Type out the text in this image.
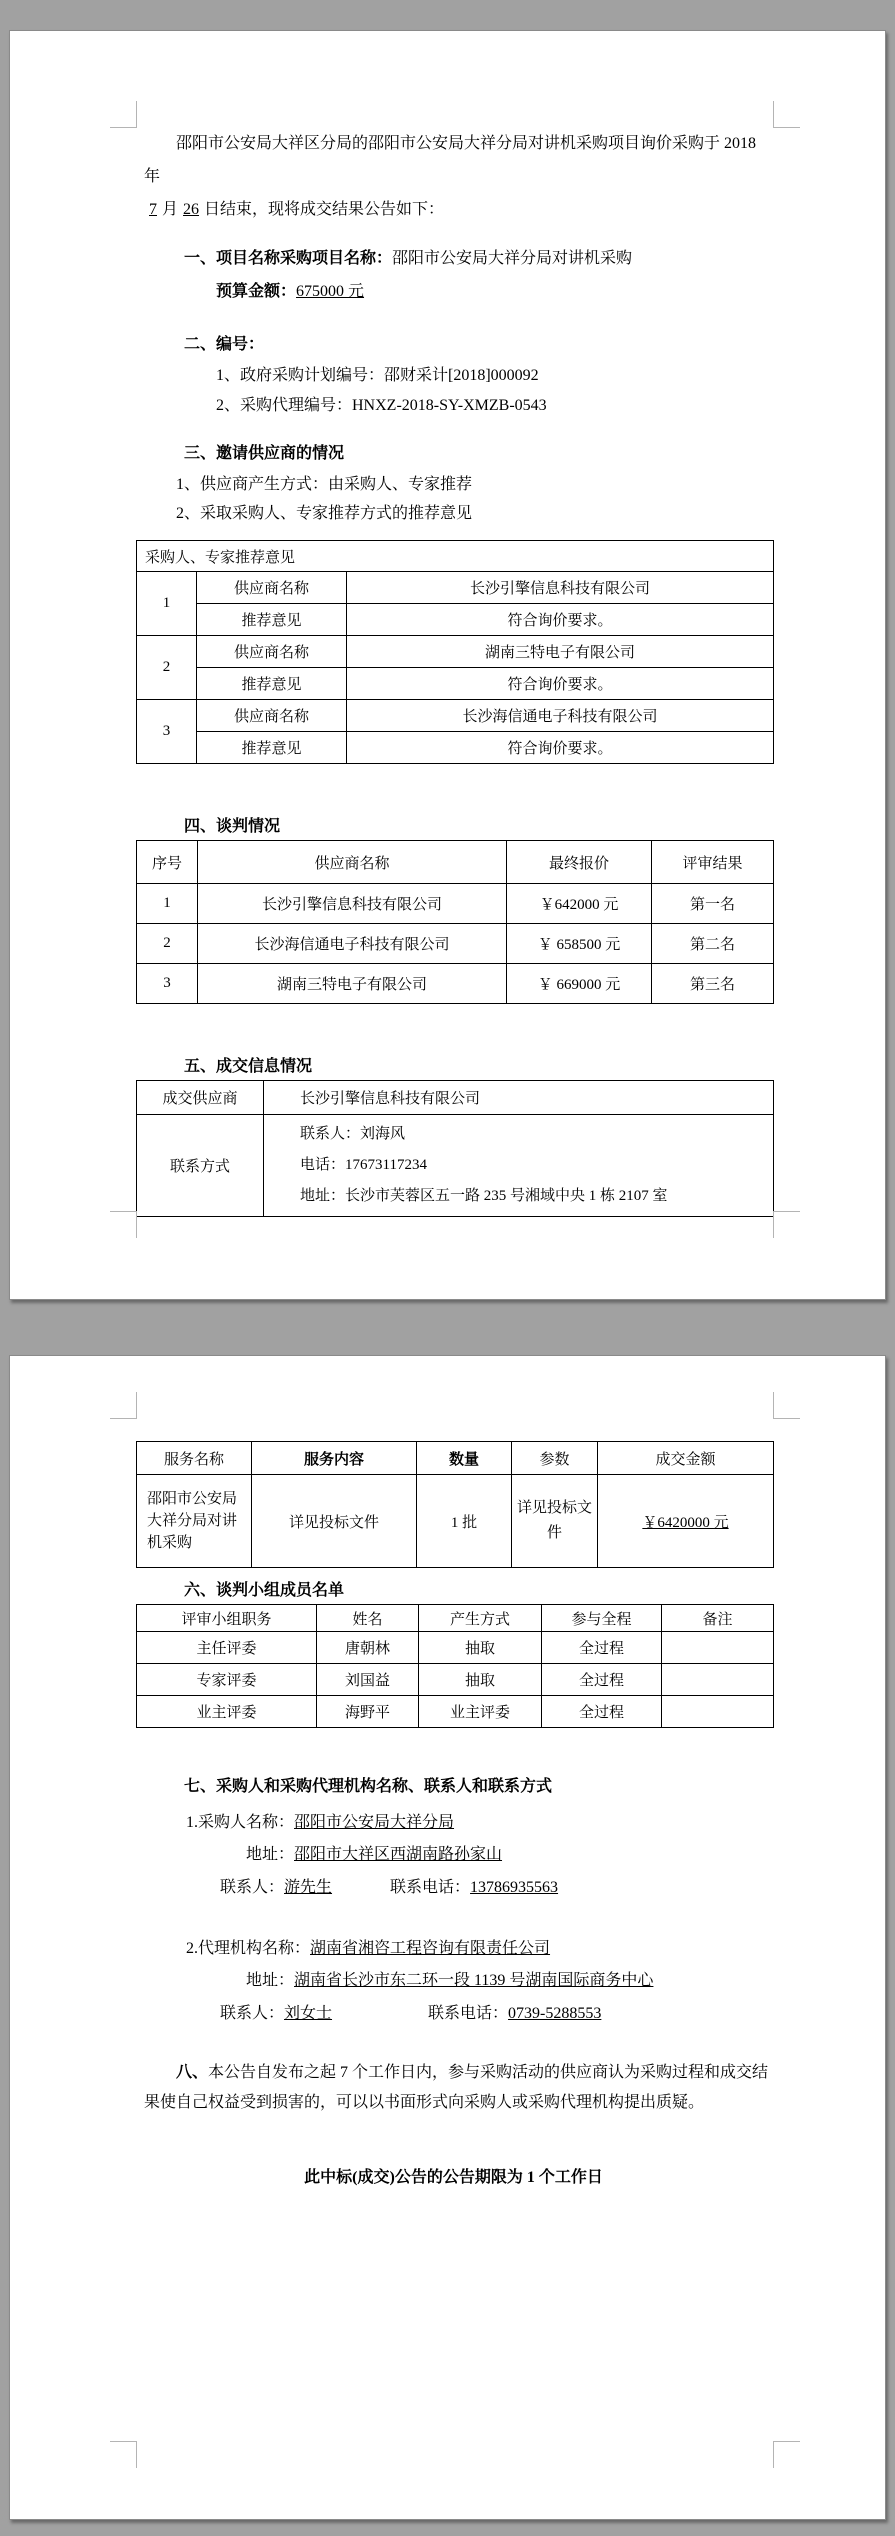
邵阳市公安局大祥区分局的邵阳市公安局大祥分局对讲机采购项目询价采购于 2018 年
7 月 26 日结束，现将成交结果公告如下：
一、项目名称采购项目名称：邵阳市公安局大祥分局对讲机采购
预算金额：675000 元
二、编号：
1、政府采购计划编号：邵财采计[2018]000092
2、采购代理编号：HNXZ-2018-SY-XMZB-0543
三、邀请供应商的情况
1、供应商产生方式：由采购人、专家推荐
2、采取采购人、专家推荐方式的推荐意见
采购人、专家推荐意见		
1	供应商名称	长沙引擎信息科技有限公司
	推荐意见	符合询价要求。
2	供应商名称	湖南三特电子有限公司
	推荐意见	符合询价要求。
3	供应商名称	长沙海信通电子科技有限公司
	推荐意见	符合询价要求。
四、谈判情况
序号	供应商名称	最终报价	评审结果
1	长沙引擎信息科技有限公司	￥642000 元	第一名
2	长沙海信通电子科技有限公司	￥ 658500 元	第二名
3	湖南三特电子有限公司	￥ 669000 元	第三名
五、成交信息情况
成交供应商	长沙引擎信息科技有限公司
联系方式	联系人：刘海风
电话：17673117234
地址：长沙市芙蓉区五一路 235 号湘域中央 1 栋 2107 室
服务名称	服务内容	数量	参数	成交金额
邵阳市公安局大祥分局对讲机采购	详见投标文件	1 批	详见投标文件	￥6420000 元
六、谈判小组成员名单
评审小组职务	姓名	产生方式	参与全程	备注
主任评委	唐朝林	抽取	全过程	
专家评委	刘国益	抽取	全过程	
业主评委	海野平	业主评委	全过程	
七、采购人和采购代理机构名称、联系人和联系方式
1.采购人名称：邵阳市公安局大祥分局
地址：邵阳市大祥区西湖南路孙家山
联系人：游先生	联系电话：13786935563
2.代理机构名称：湖南省湘咨工程咨询有限责任公司
地址：湖南省长沙市东二环一段 1139 号湖南国际商务中心
联系人：刘女士	联系电话：0739-5288553
八、本公告自发布之起 7 个工作日内，参与采购活动的供应商认为采购过程和成交结果使自己权益受到损害的，可以以书面形式向采购人或采购代理机构提出质疑。
此中标(成交)公告的公告期限为 1 个工作日
